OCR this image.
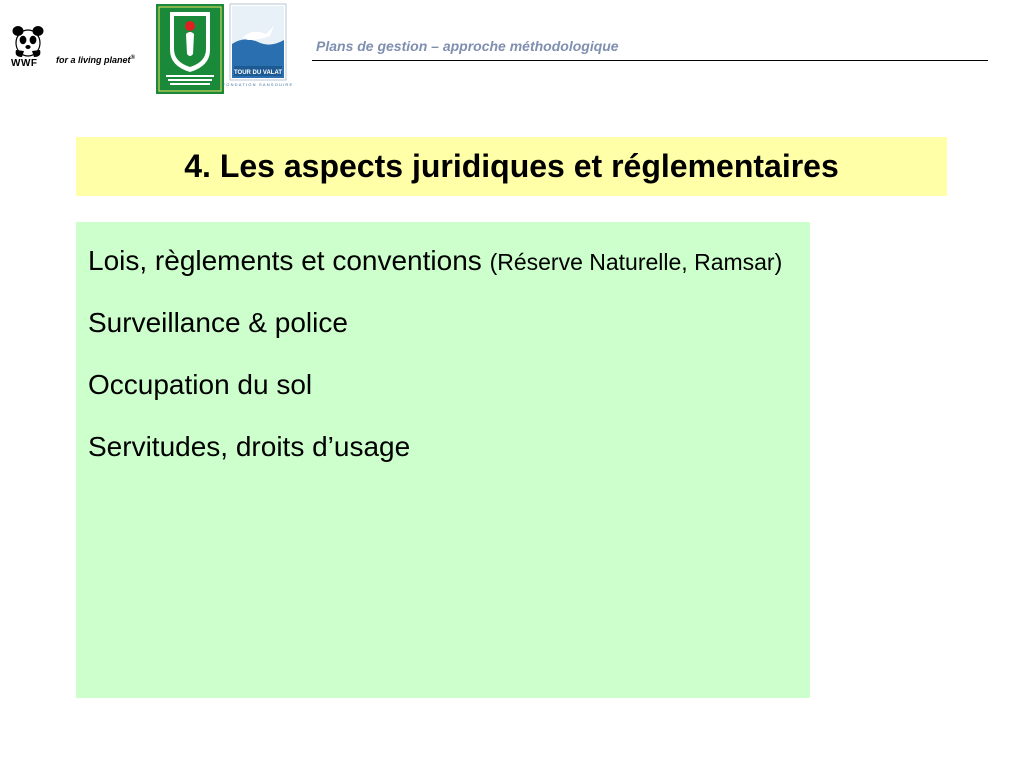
WWF for a living planet®
TOUR DU VALAT
FONDATION SANSOUIRE
Plans de gestion – approche méthodologique
4. Les aspects juridiques et réglementaires
Lois, règlements et conventions (Réserve Naturelle, Ramsar)
Surveillance & police
Occupation du sol
Servitudes, droits d’usage
